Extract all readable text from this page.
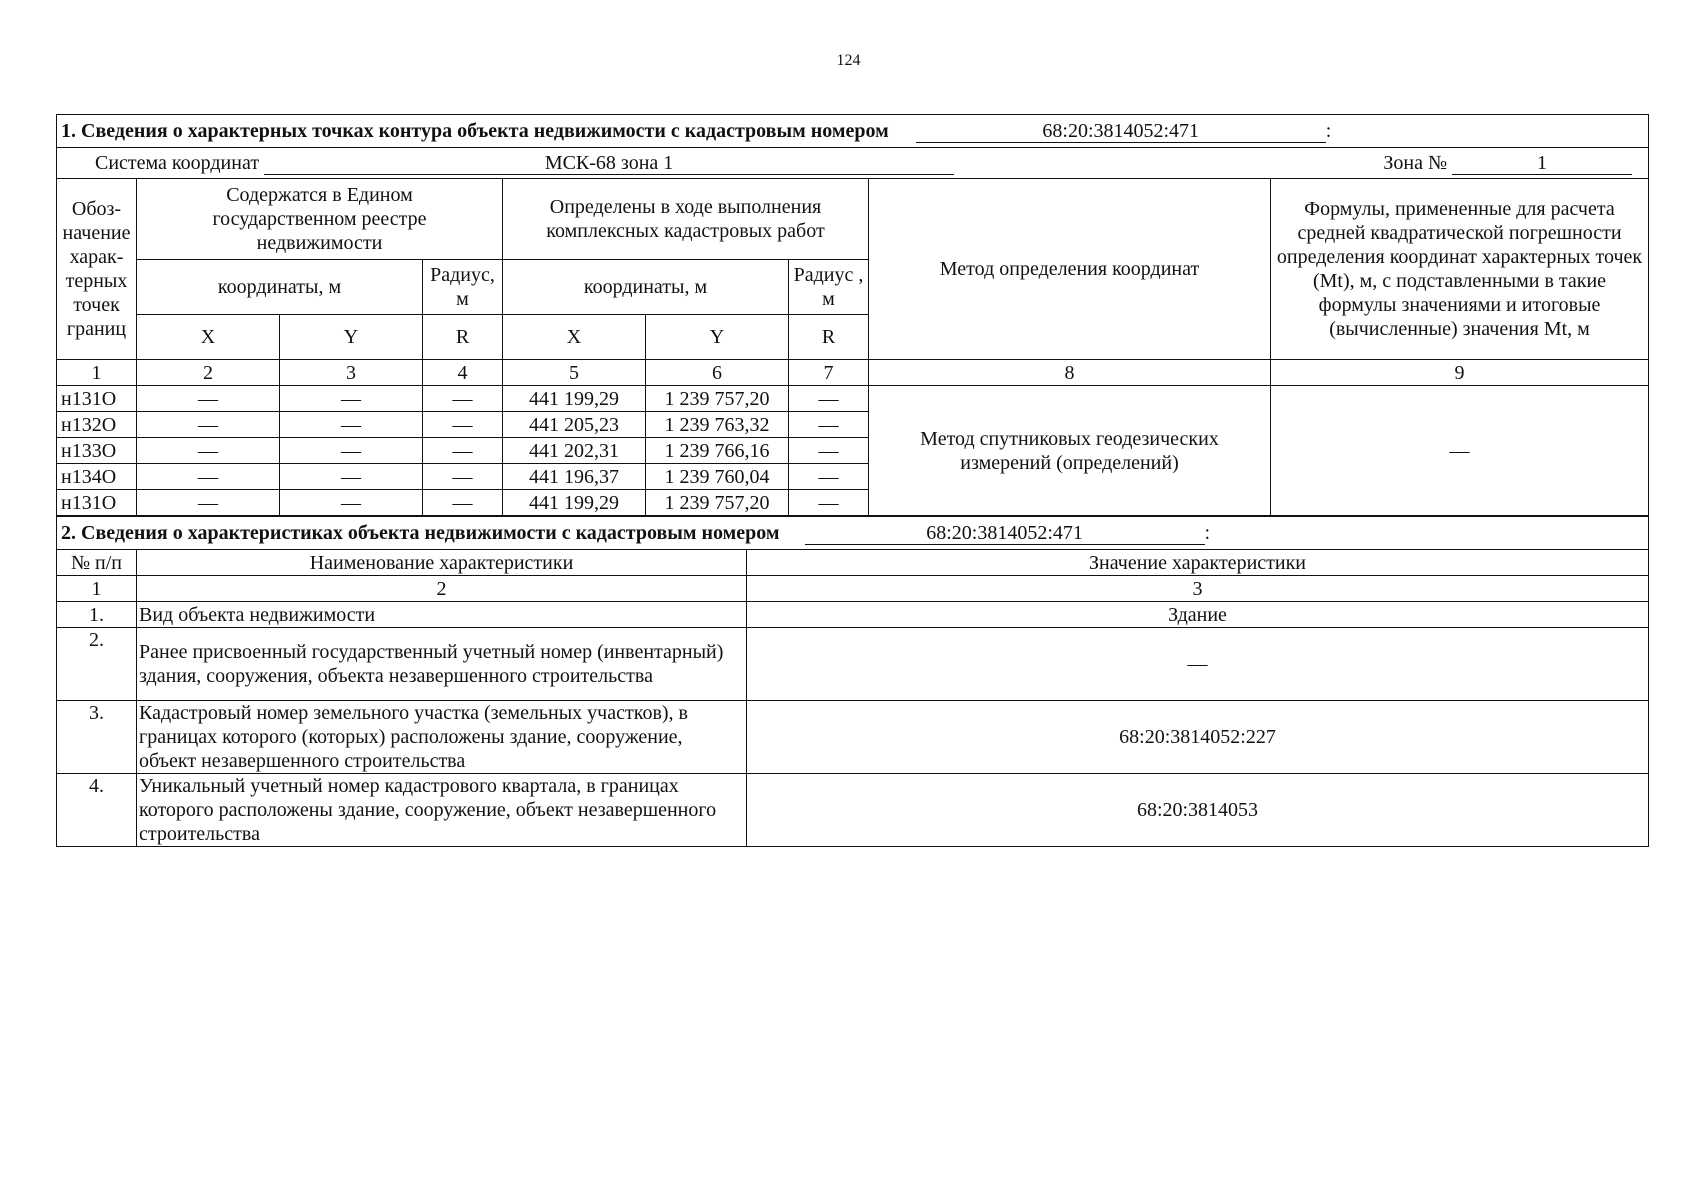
124
1. Сведения о характерных точках контура объекта недвижимости с кадастровым номером 68:20:3814052:471 :								

Система координат МСК-68 зона 1 Зона № 1								

Обоз-начение харак-терных точек границ	Содержатся в Едином государственном реестре недвижимости			Определены в ходе выполнения комплексных кадастровых работ			Метод определения координат	Формулы, примененные для расчета средней квадратической погрешности определения координат характерных точек (Mt), м, с подставленными в такие формулы значениями и итоговые (вычисленные) значения Mt, м
	координаты, м		Радиус, м	координаты, м		Радиус , м		
	X	Y	R	X	Y	R		
1	2	3	4	5	6	7	8	9
н131О	—	—	—	441 199,29	1 239 757,20	—	Метод спутниковых геодезических измерений (определений)	—
н132О	—	—	—	441 205,23	1 239 763,32	—		
н133О	—	—	—	441 202,31	1 239 766,16	—		
н134О	—	—	—	441 196,37	1 239 760,04	—		
н131О	—	—	—	441 199,29	1 239 757,20	—		
2. Сведения о характеристиках объекта недвижимости с кадастровым номером 68:20:3814052:471 :		
№ п/п	Наименование характеристики	Значение характеристики
1	2	3
1.	Вид объекта недвижимости	Здание
2.	Ранее присвоенный государственный учетный номер (инвентарный) здания, сооружения, объекта незавершенного строительства	—
3.	Кадастровый номер земельного участка (земельных участков), в границах которого (которых) расположены здание, сооружение, объект незавершенного строительства	68:20:3814052:227
4.	Уникальный учетный номер кадастрового квартала, в границах которого расположены здание, сооружение, объект незавершенного строительства	68:20:3814053
